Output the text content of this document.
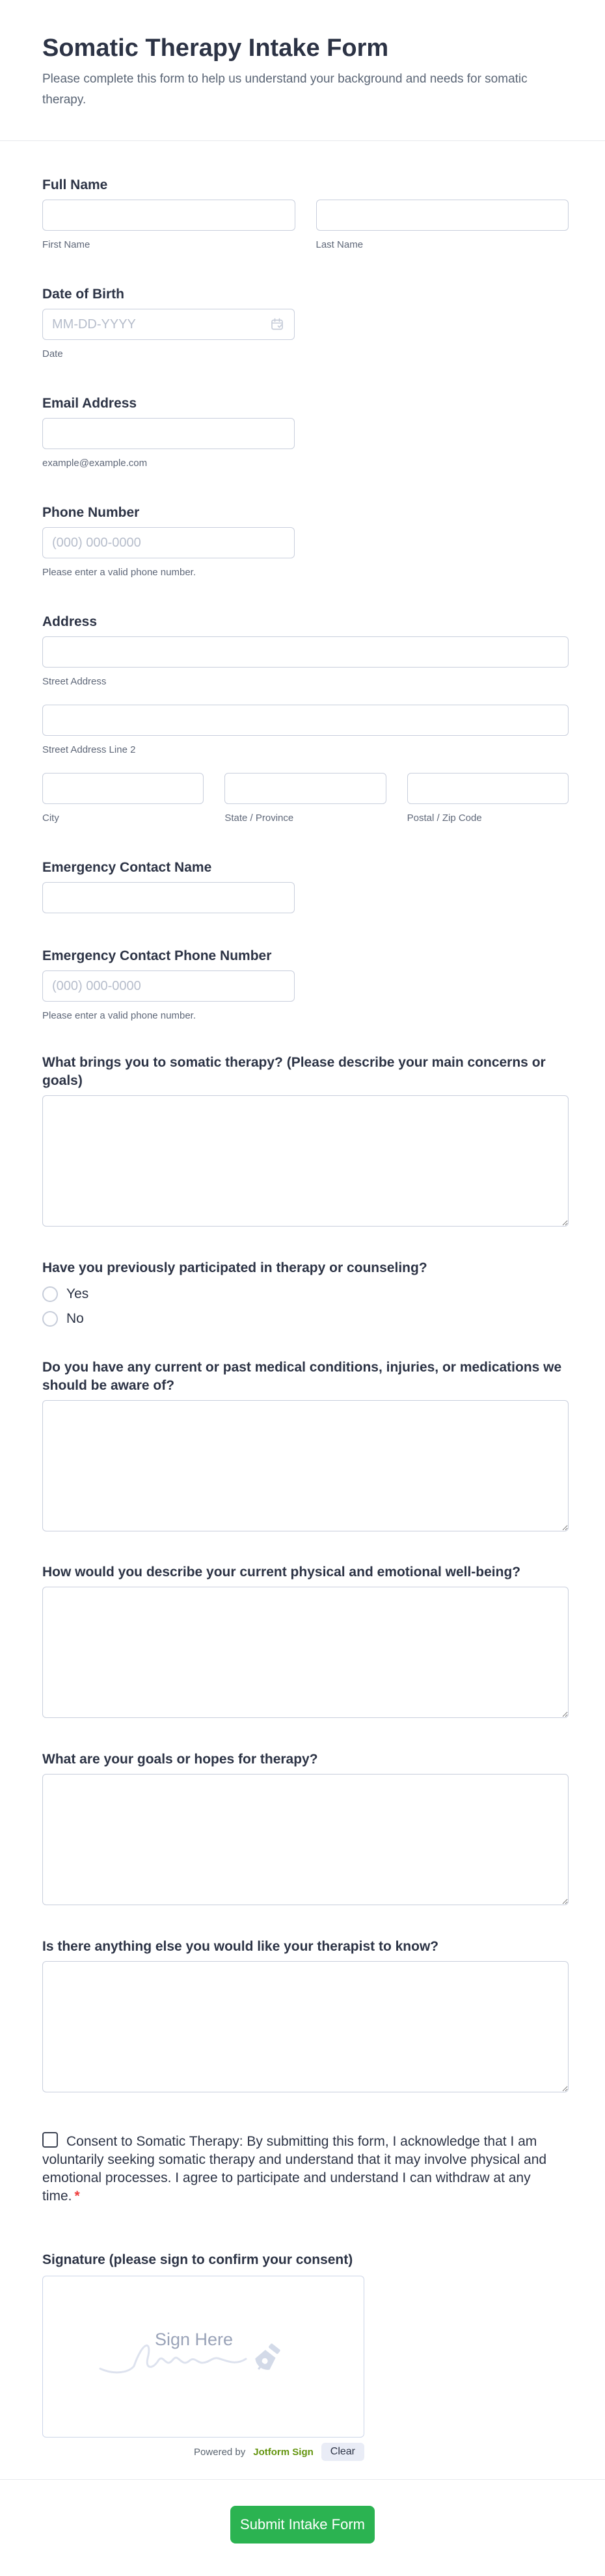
Somatic Therapy Intake Form

Please complete this form to help us understand your background and needs for somatic therapy.

Full Name
First Name	Last Name
Date of Birth
MM-DD-YYYY
Date
Email Address
example@example.com
Phone Number
(000) 000-0000
Please enter a valid phone number.
Address
Street Address
Street Address Line 2
City	State / Province	Postal / Zip Code
Emergency Contact Name
Emergency Contact Phone Number
(000) 000-0000
Please enter a valid phone number.
What brings you to somatic therapy? (Please describe your main concerns or goals)
Have you previously participated in therapy or counseling?
Yes
No
Do you have any current or past medical conditions, injuries, or medications we should be aware of?
How would you describe your current physical and emotional well-being?
What are your goals or hopes for therapy?
Is there anything else you would like your therapist to know?
Consent to Somatic Therapy: By submitting this form, I acknowledge that I am voluntarily seeking somatic therapy and understand that it may involve physical and emotional processes. I agree to participate and understand I can withdraw at any time. *
Signature (please sign to confirm your consent)
Sign Here
Powered by Jotform Sign	Clear
Submit Intake Form
